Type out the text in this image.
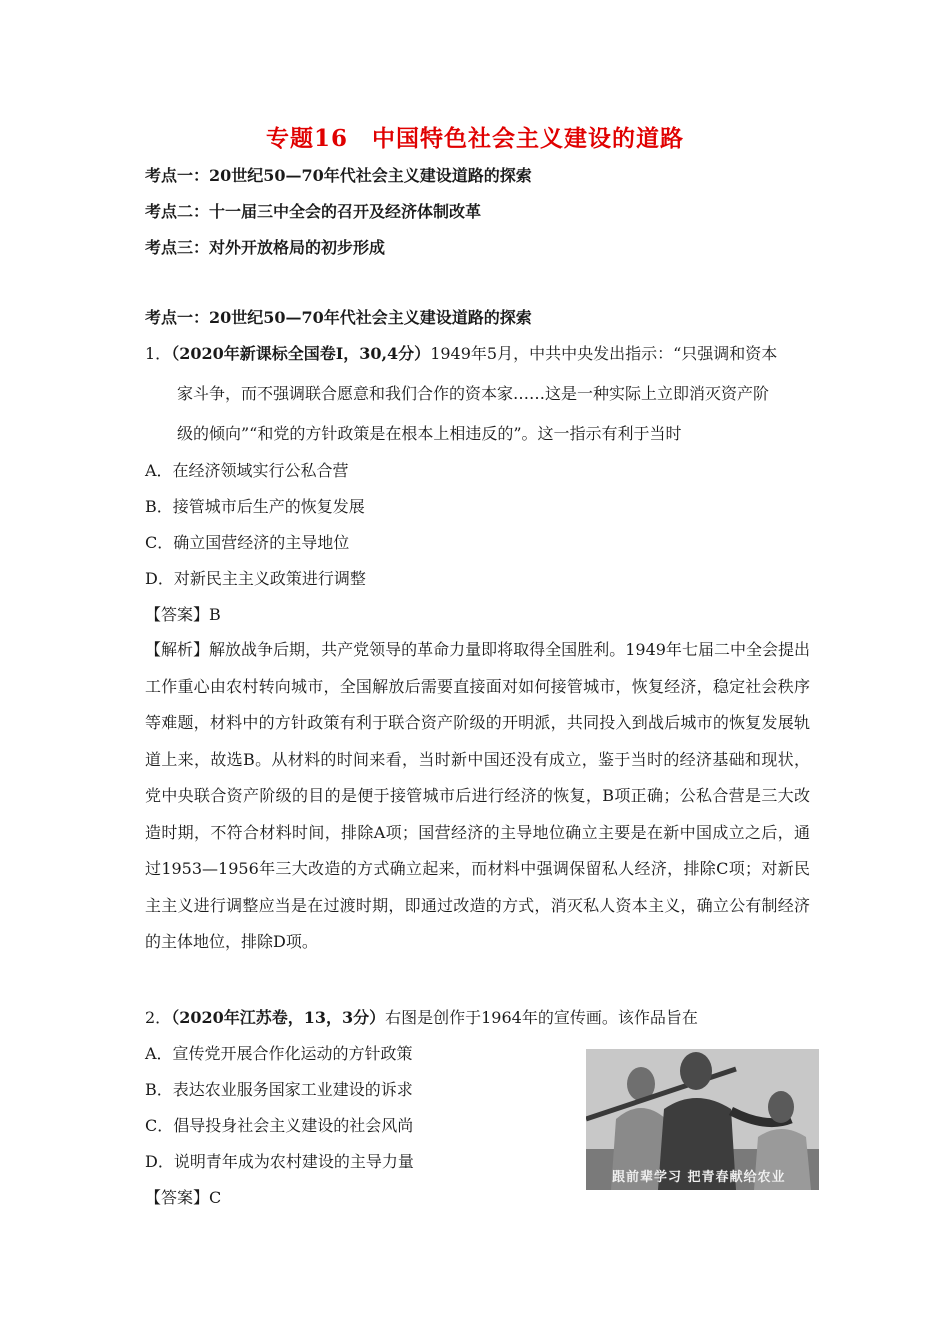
专题16　中国特色社会主义建设的道路
考点一：20世纪50—70年代社会主义建设道路的探索
考点二：十一届三中全会的召开及经济体制改革
考点三：对外开放格局的初步形成
考点一：20世纪50—70年代社会主义建设道路的探索
1．（2020年新课标全国卷Ⅰ，30,4分）1949年5月，中共中央发出指示：“只强调和资本
家斗争，而不强调联合愿意和我们合作的资本家……这是一种实际上立即消灭资产阶
级的倾向”“和党的方针政策是在根本上相违反的”。这一指示有利于当时
A．在经济领域实行公私合营
B．接管城市后生产的恢复发展
C．确立国营经济的主导地位
D．对新民主主义政策进行调整
【答案】B
【解析】解放战争后期，共产党领导的革命力量即将取得全国胜利。1949年七届二中全会提出工作重心由农村转向城市，全国解放后需要直接面对如何接管城市，恢复经济，稳定社会秩序等难题，材料中的方针政策有利于联合资产阶级的开明派，共同投入到战后城市的恢复发展轨道上来，故选B。从材料的时间来看，当时新中国还没有成立，鉴于当时的经济基础和现状，党中央联合资产阶级的目的是便于接管城市后进行经济的恢复，B项正确；公私合营是三大改造时期，不符合材料时间，排除A项；国营经济的主导地位确立主要是在新中国成立之后，通过1953—1956年三大改造的方式确立起来，而材料中强调保留私人经济，排除C项；对新民主主义进行调整应当是在过渡时期，即通过改造的方式，消灭私人资本主义，确立公有制经济的主体地位，排除D项。
2．（2020年江苏卷，13，3分）右图是创作于1964年的宣传画。该作品旨在
A．宣传党开展合作化运动的方针政策
B．表达农业服务国家工业建设的诉求
C．倡导投身社会主义建设的社会风尚
D．说明青年成为农村建设的主导力量
【答案】C
跟前辈学习 把青春献给农业
